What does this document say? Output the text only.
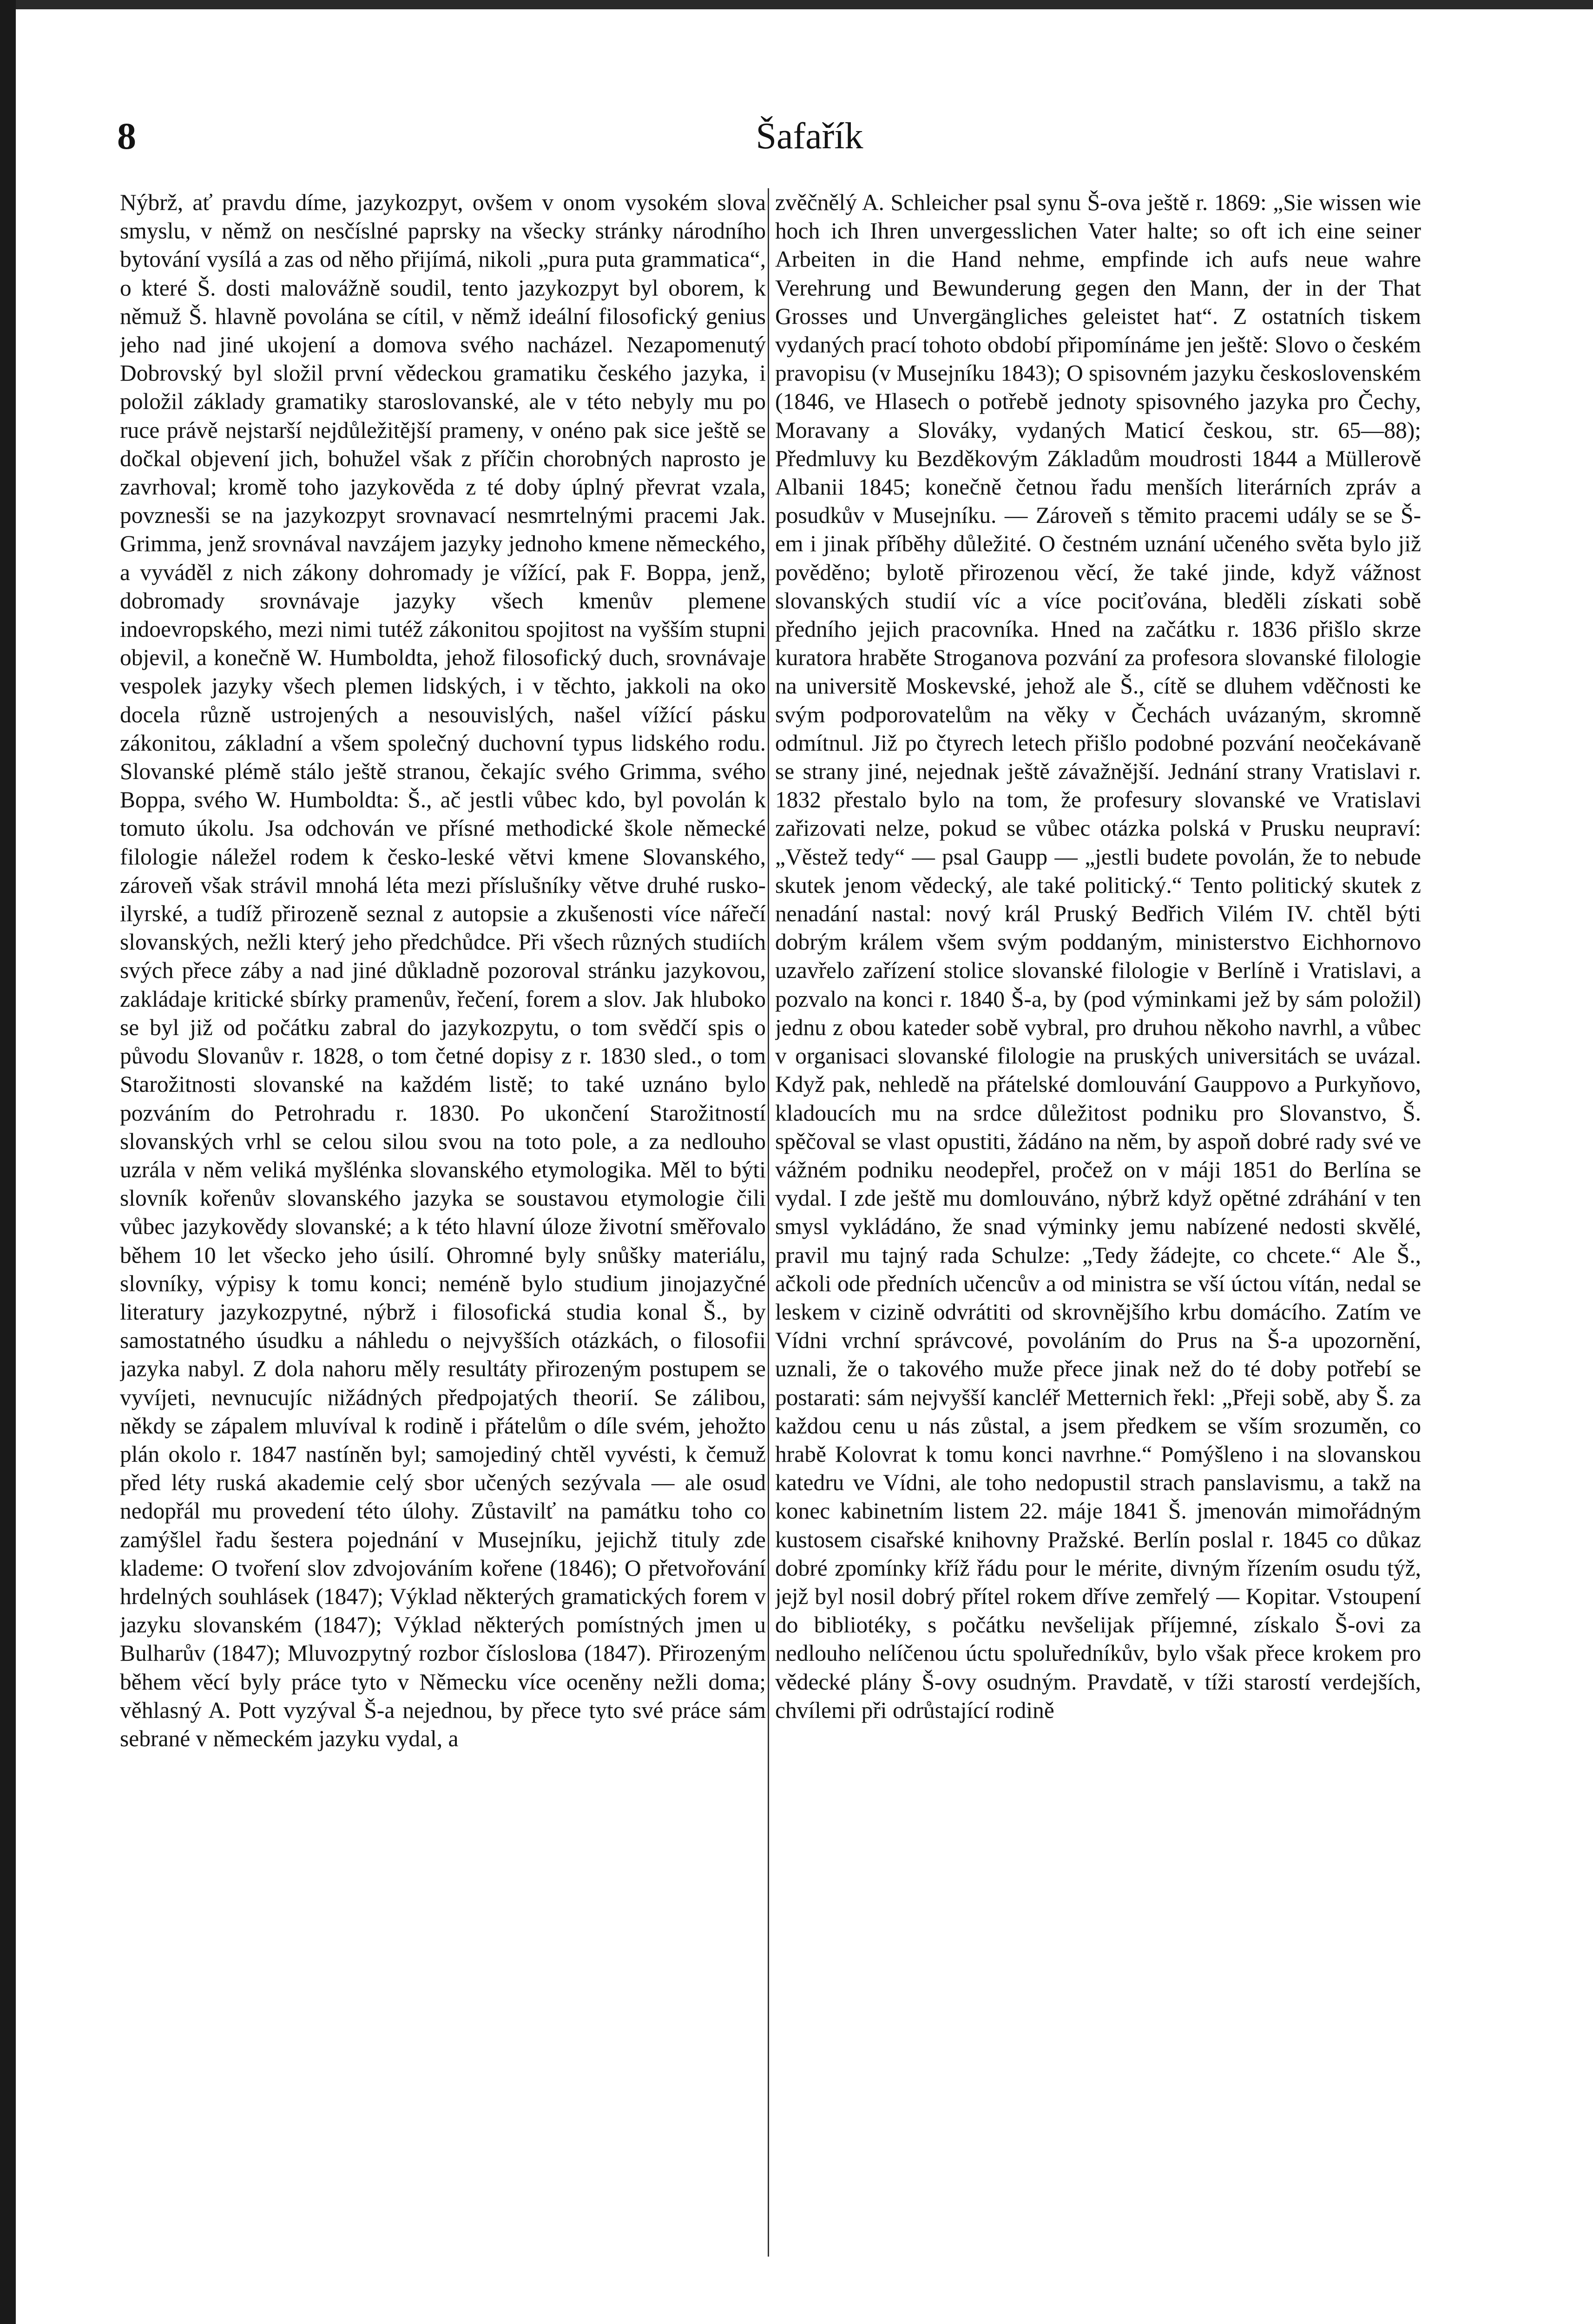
8	Šafařík

Nýbrž, ať pravdu díme, jazykozpyt, ovšem v onom vysokém slova smyslu, v němž on nesčíslné paprsky na všecky stránky národního bytování vysílá a zas od něho přijímá, nikoli „pura puta grammatica“, o které Š. dosti malovážně soudil, tento jazykozpyt byl oborem, k němuž Š. hlavně povolána se cítil, v němž ideální filosofický genius jeho nad jiné ukojení a domova svého nacházel. Nezapomenutý Dobrovský byl složil první vědeckou gramatiku českého jazyka, i položil základy gramatiky staroslovanské, ale v této nebyly mu po ruce právě nejstarší nejdůležitější prameny, v onéno pak sice ještě se dočkal objevení jich, bohužel však z příčin chorobných naprosto je zavrhoval; kromě toho jazykověda z té doby úplný převrat vzala, povznesši se na jazykozpyt srovnavací nesmrtelnými pracemi Jak. Grimma, jenž srovnával navzájem jazyky jednoho kmene německého, a vyváděl z nich zákony dohromady je vížící, pak F. Boppa, jenž, dobromady srovnávaje jazyky všech kmenův plemene indoevropského, mezi nimi tutéž zákonitou spojitost na vyšším stupni objevil, a konečně W. Humboldta, jehož filosofický duch, srovnávaje vespolek jazyky všech plemen lidských, i v těchto, jakkoli na oko docela různě ustrojených a nesouvislých, našel vížící pásku zákonitou, základní a všem společný duchovní typus lidského rodu. Slovanské plémě stálo ještě stranou, čekajíc svého Grimma, svého Boppa, svého W. Humboldta: Š., ač jestli vůbec kdo, byl povolán k tomuto úkolu. Jsa odchován ve přísné methodické škole německé filologie náležel rodem k česko-leské větvi kmene Slovanského, zároveň však strávil mnohá léta mezi příslušníky větve druhé rusko-ilyrské, a tudíž přirozeně seznal z autopsie a zkušenosti více nářečí slovanských, nežli který jeho předchůdce. Při všech různých studiích svých přece záby a nad jiné důkladně pozoroval stránku jazykovou, zakládaje kritické sbírky pramenův, řečení, forem a slov. Jak hluboko se byl již od počátku zabral do jazykozpytu, o tom svědčí spis o původu Slovanův r. 1828, o tom četné dopisy z r. 1830 sled., o tom Starožitnosti slovanské na každém listě; to také uznáno bylo pozváním do Petrohradu r. 1830. Po ukončení Starožitností slovanských vrhl se celou silou svou na toto pole, a za nedlouho uzrála v něm veliká myšlénka slovanského etymologika. Měl to býti slovník kořenův slovanského jazyka se soustavou etymologie čili vůbec jazykovědy slovanské; a k této hlavní úloze životní směřovalo během 10 let všecko jeho úsilí. Ohromné byly snůšky materiálu, slovníky, výpisy k tomu konci; neméně bylo studium jinojazyčné literatury jazykozpytné, nýbrž i filosofická studia konal Š., by samostatného úsudku a náhledu o nejvyšších otázkách, o filosofii jazyka nabyl. Z dola nahoru měly resultáty přirozeným postupem se vyvíjeti, nevnucujíc nižádných předpojatých theorií. Se zálibou, někdy se zápalem mluvíval k rodině i přátelům o díle svém, jehožto plán okolo r. 1847 nastíněn byl; samojediný chtěl vyvésti, k čemuž před léty ruská akademie celý sbor učených sezývala — ale osud nedopřál mu provedení této úlohy. Zůstavilť na památku toho co zamýšlel řadu šestera pojednání v Musejníku, jejichž tituly zde klademe: O tvoření slov zdvojováním kořene (1846); O přetvořování hrdelných souhlásek (1847); Výklad některých gramatických forem v jazyku slovanském (1847); Výklad některých pomístných jmen u Bulharův (1847); Mluvozpytný rozbor číslosloва (1847). Přirozeným během věcí byly práce tyto v Německu více oceněny nežli doma; věhlasný A. Pott vyzýval Š-a nejednou, by přece tyto své práce sám sebrané v německém jazyku vydal, a

zvěčnělý A. Schleicher psal synu Š-ova ještě r. 1869: „Sie wissen wie hoch ich Ihren unvergesslichen Vater halte; so oft ich eine seiner Arbeiten in die Hand nehme, empfinde ich aufs neue wahre Verehrung und Bewunderung gegen den Mann, der in der That Grosses und Unvergängliches geleistet hat“. Z ostatních tiskem vydaných prací tohoto období připomínáme jen ještě: Slovo o českém pravopisu (v Musejníku 1843); O spisovném jazyku československém (1846, ve Hlasech o potřebě jednoty spisovného jazyka pro Čechy, Moravany a Slováky, vydaných Maticí českou, str. 65—88); Předmluvy ku Bezděkovým Základům moudrosti 1844 a Müllerově Albanii 1845; konečně četnou řadu menších literárních zpráv a posudkův v Musejníku. — Zároveň s těmito pracemi udály se se Š-em i jinak příběhy důležité. O čestném uznání učeného světa bylo již pověděno; bylotě přirozenou věcí, že také jinde, když vážnost slovanských studií víc a více pociťována, bleděli získati sobě předního jejich pracovníka. Hned na začátku r. 1836 přišlo skrze kuratora hraběte Stroganova pozvání za profesora slovanské filologie na universitě Moskevské, jehož ale Š., cítě se dluhem vděčnosti ke svým podporovatelům na věky v Čechách uvázaným, skromně odmítnul. Již po čtyrech letech přišlo podobné pozvání neočekávaně se strany jiné, nejednak ještě závažnější. Jednání strany Vratislavi r. 1832 přestalo bylo na tom, že profesury slovanské ve Vratislavi zařizovati nelze, pokud se vůbec otázka polská v Prusku neupraví: „Věstež tedy“ — psal Gaupp — „jestli budete povolán, že to nebude skutek jenom vědecký, ale také politický.“ Tento politický skutek z nenadání nastal: nový král Pruský Bedřich Vilém IV. chtěl býti dobrým králem všem svým poddaným, ministerstvo Eichhornovo uzavřelo zařízení stolice slovanské filologie v Berlíně i Vratislavi, a pozvalo na konci r. 1840 Š-a, by (pod výminkami jež by sám položil) jednu z obou kateder sobě vybral, pro druhou někoho navrhl, a vůbec v organisaci slovanské filologie na pruských universitách se uvázal. Když pak, nehledě na přátelské domlouvání Gauppovo a Purkyňovo, kladoucích mu na srdce důležitost podniku pro Slovanstvo, Š. spěčoval se vlast opustiti, žádáno na něm, by aspoň dobré rady své ve vážném podniku neodepřel, pročež on v máji 1851 do Berlína se vydal. I zde ještě mu domlouváno, nýbrž když opětné zdráhání v ten smysl vykládáno, že snad výminky jemu nabízené nedosti skvělé, pravil mu tajný rada Schulze: „Tedy žádejte, co chcete.“ Ale Š., ačkoli ode předních učencův a od ministra se vší úctou vítán, nedal se leskem v cizině odvrátiti od skrovnějšího krbu domácího. Zatím ve Vídni vrchní správcové, povoláním do Prus na Š-a upozornění, uznali, že o takového muže přece jinak než do té doby potřebí se postarati: sám nejvyšší kancléř Metternich řekl: „Přeji sobě, aby Š. za každou cenu u nás zůstal, a jsem předkem se vším srozuměn, co hrabě Kolovrat k tomu konci navrhne.“ Pomýšleno i na slovanskou katedru ve Vídni, ale toho nedopustil strach panslavismu, a takž na konec kabinetním listem 22. máje 1841 Š. jmenován mimořádným kustosem cisařské knihovny Pražské. Berlín poslal r. 1845 co důkaz dobré zpomínky kříž řádu pour le mérite, divným řízením osudu týž, jejž byl nosil dobrý přítel rokem dříve zemřelý — Kopitar. Vstoupení do bibliotéky, s počátku nevšelijak příjemné, získalo Š-ovi za nedlouho nelíčenou úctu spoluředníkův, bylo však přece krokem pro vědecké plány Š-ovy osudným. Pravdatě, v tíži starostí verdejších, chvílemi při odrůstající rodině
